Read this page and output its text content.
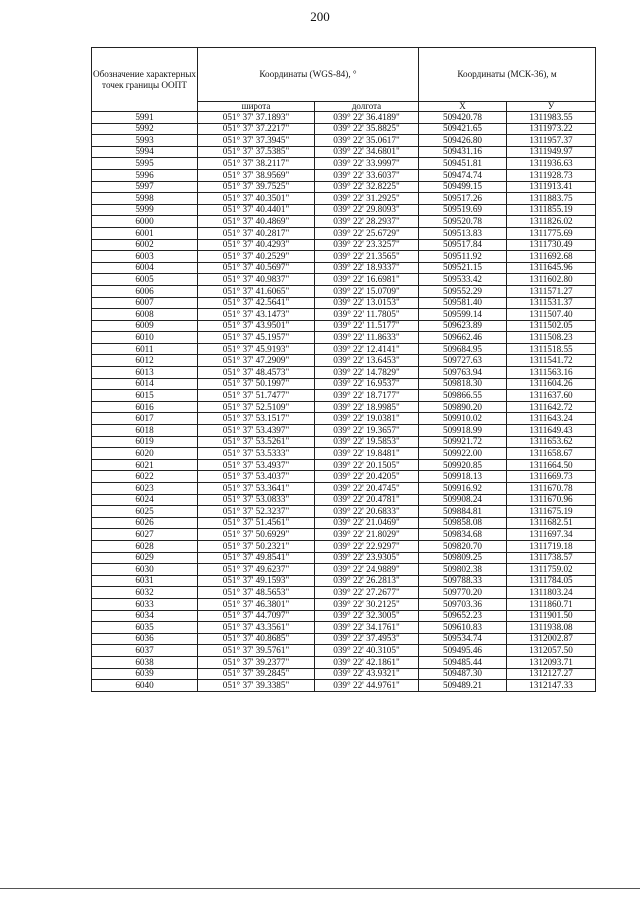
200
Обозначение характерных точек границы ООПТ	Координаты (WGS-84), °		Координаты (МСК-36), м	
	широта	долгота	X	У
5991	051° 37' 37.1893"	039° 22' 36.4189"	509420.78	1311983.55
5992	051° 37' 37.2217"	039° 22' 35.8825"	509421.65	1311973.22
5993	051° 37' 37.3945"	039° 22' 35.0617"	509426.80	1311957.37
5994	051° 37' 37.5385"	039° 22' 34.6801"	509431.16	1311949.97
5995	051° 37' 38.2117"	039° 22' 33.9997"	509451.81	1311936.63
5996	051° 37' 38.9569"	039° 22' 33.6037"	509474.74	1311928.73
5997	051° 37' 39.7525"	039° 22' 32.8225"	509499.15	1311913.41
5998	051° 37' 40.3501"	039° 22' 31.2925"	509517.26	1311883.75
5999	051° 37' 40.4401"	039° 22' 29.8093"	509519.69	1311855.19
6000	051° 37' 40.4869"	039° 22' 28.2937"	509520.78	1311826.02
6001	051° 37' 40.2817"	039° 22' 25.6729"	509513.83	1311775.69
6002	051° 37' 40.4293"	039° 22' 23.3257"	509517.84	1311730.49
6003	051° 37' 40.2529"	039° 22' 21.3565"	509511.92	1311692.68
6004	051° 37' 40.5697"	039° 22' 18.9337"	509521.15	1311645.96
6005	051° 37' 40.9837"	039° 22' 16.6981"	509533.42	1311602.80
6006	051° 37' 41.6065"	039° 22' 15.0709"	509552.29	1311571.27
6007	051° 37' 42.5641"	039° 22' 13.0153"	509581.40	1311531.37
6008	051° 37' 43.1473"	039° 22' 11.7805"	509599.14	1311507.40
6009	051° 37' 43.9501"	039° 22' 11.5177"	509623.89	1311502.05
6010	051° 37' 45.1957"	039° 22' 11.8633"	509662.46	1311508.23
6011	051° 37' 45.9193"	039° 22' 12.4141"	509684.95	1311518.55
6012	051° 37' 47.2909"	039° 22' 13.6453"	509727.63	1311541.72
6013	051° 37' 48.4573"	039° 22' 14.7829"	509763.94	1311563.16
6014	051° 37' 50.1997"	039° 22' 16.9537"	509818.30	1311604.26
6015	051° 37' 51.7477"	039° 22' 18.7177"	509866.55	1311637.60
6016	051° 37' 52.5109"	039° 22' 18.9985"	509890.20	1311642.72
6017	051° 37' 53.1517"	039° 22' 19.0381"	509910.02	1311643.24
6018	051° 37' 53.4397"	039° 22' 19.3657"	509918.99	1311649.43
6019	051° 37' 53.5261"	039° 22' 19.5853"	509921.72	1311653.62
6020	051° 37' 53.5333"	039° 22' 19.8481"	509922.00	1311658.67
6021	051° 37' 53.4937"	039° 22' 20.1505"	509920.85	1311664.50
6022	051° 37' 53.4037"	039° 22' 20.4205"	509918.13	1311669.73
6023	051° 37' 53.3641"	039° 22' 20.4745"	509916.92	1311670.78
6024	051° 37' 53.0833"	039° 22' 20.4781"	509908.24	1311670.96
6025	051° 37' 52.3237"	039° 22' 20.6833"	509884.81	1311675.19
6026	051° 37' 51.4561"	039° 22' 21.0469"	509858.08	1311682.51
6027	051° 37' 50.6929"	039° 22' 21.8029"	509834.68	1311697.34
6028	051° 37' 50.2321"	039° 22' 22.9297"	509820.70	1311719.18
6029	051° 37' 49.8541"	039° 22' 23.9305"	509809.25	1311738.57
6030	051° 37' 49.6237"	039° 22' 24.9889"	509802.38	1311759.02
6031	051° 37' 49.1593"	039° 22' 26.2813"	509788.33	1311784.05
6032	051° 37' 48.5653"	039° 22' 27.2677"	509770.20	1311803.24
6033	051° 37' 46.3801"	039° 22' 30.2125"	509703.36	1311860.71
6034	051° 37' 44.7097"	039° 22' 32.3005"	509652.23	1311901.50
6035	051° 37' 43.3561"	039° 22' 34.1761"	509610.83	1311938.08
6036	051° 37' 40.8685"	039° 22' 37.4953"	509534.74	1312002.87
6037	051° 37' 39.5761"	039° 22' 40.3105"	509495.46	1312057.50
6038	051° 37' 39.2377"	039° 22' 42.1861"	509485.44	1312093.71
6039	051° 37' 39.2845"	039° 22' 43.9321"	509487.30	1312127.27
6040	051° 37' 39.3385"	039° 22' 44.9761"	509489.21	1312147.33
